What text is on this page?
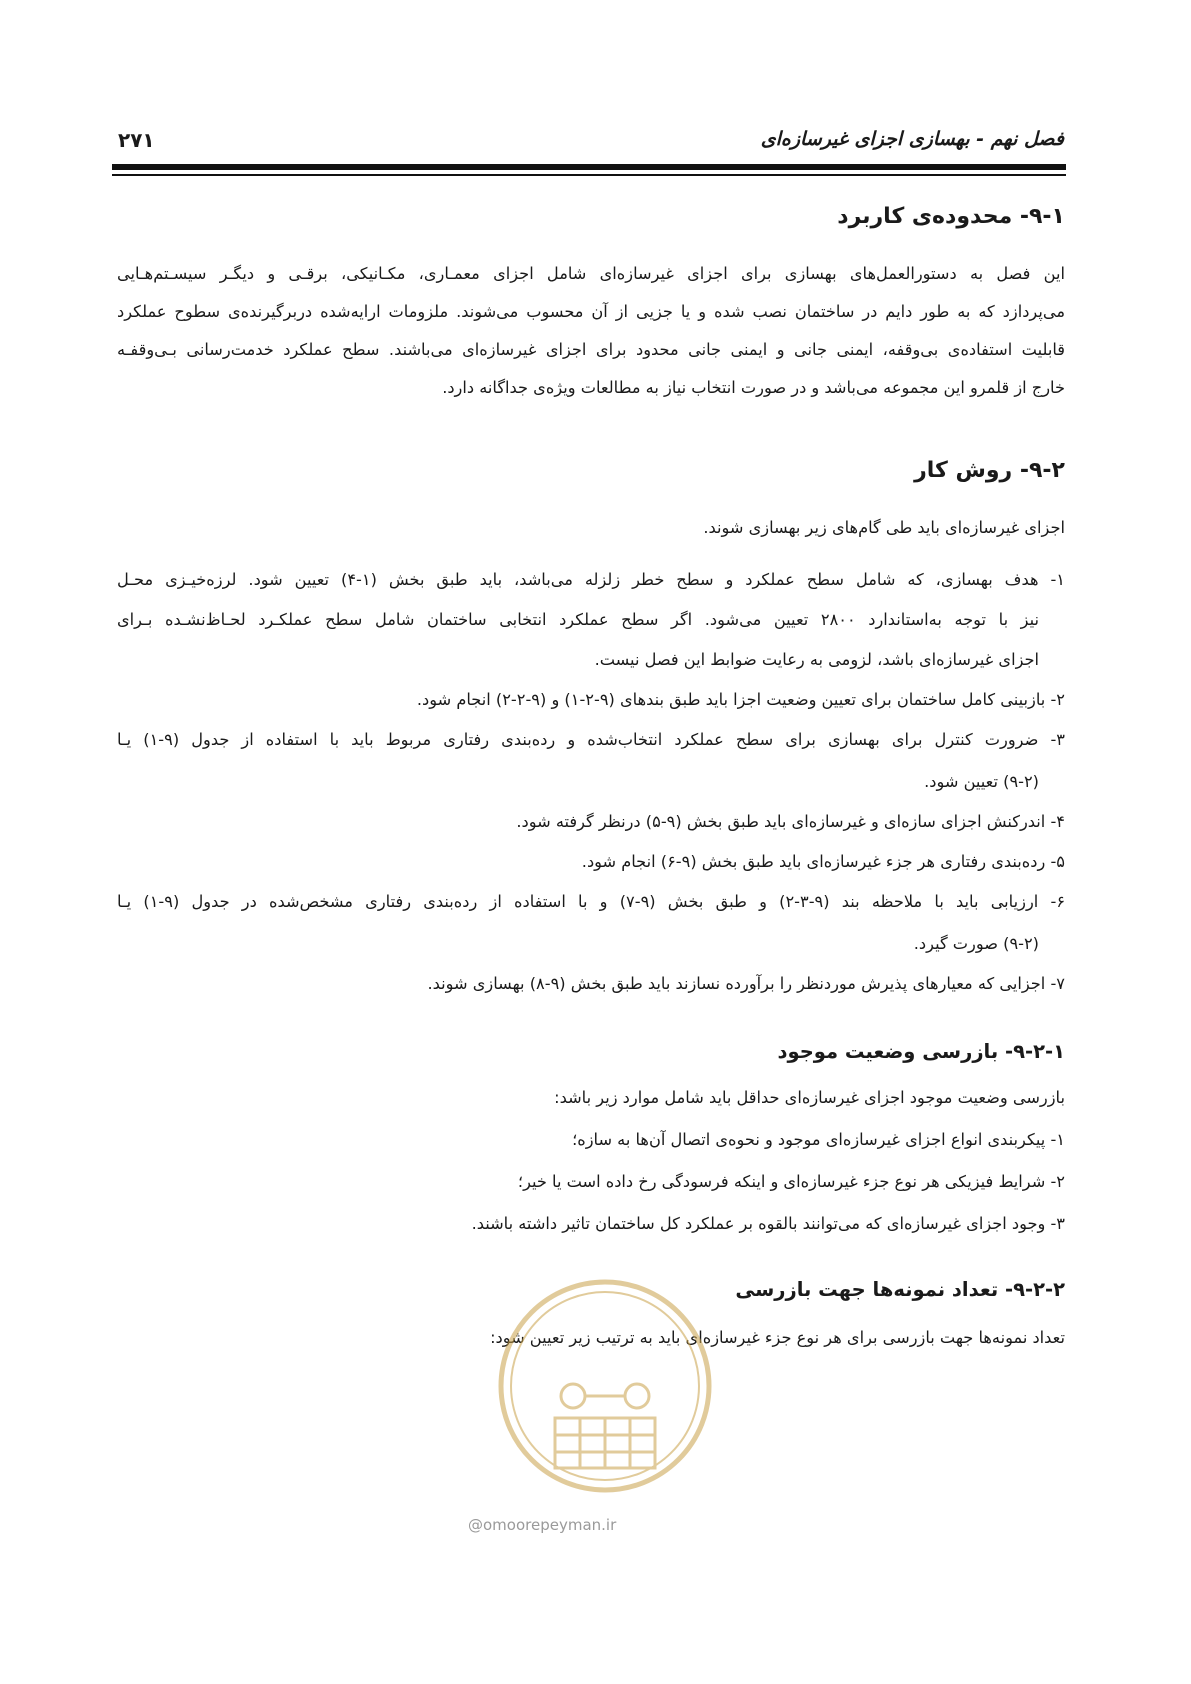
فصل نهم - بهسازی اجزای غیرسازه‌ای
۲۷۱
۹-۱- محدوده‌ی کاربرد
این فصل به دستورالعمل‌های بهسازی برای اجزای غیرسازه‌ای شامل اجزای معمـاری، مکـانیکی، برقـی و دیگـر سیسـتم‌هـایی
می‌پردازد که به طور دایم در ساختمان نصب شده و یا جزیی از آن محسوب می‌شوند. ملزومات ارایه‌شده دربرگیرنده‌ی سطوح عملکرد
قابلیت استفاده‌ی بی‌وقفه، ایمنی جانی و ایمنی جانی محدود برای اجزای غیرسازه‌ای می‌باشند. سطح عملکرد خدمت‌رسانی بـی‌وقفـه
خارج از قلمرو این مجموعه می‌باشد و در صورت انتخاب نیاز به مطالعات ویژه‌ی جداگانه دارد.
۹-۲- روش کار
اجزای غیرسازه‌ای باید طی گام‌های زیر بهسازی شوند.
۱- هدف بهسازی، که شامل سطح عملکرد و سطح خطر زلزله می‌باشد، باید طبق بخش (۱-۴) تعیین شود. لرزه‌خیـزی محـل
نیز با توجه به‌استاندارد ۲۸۰۰ تعیین می‌شود. اگر سطح عملکرد انتخابی ساختمان شامل سطح عملکـرد لحـاظ‌نشـده بـرای
اجزای غیرسازه‌ای باشد، لزومی به رعایت ضوابط این فصل نیست.
۲- بازبینی کامل ساختمان برای تعیین وضعیت اجزا باید طبق بندهای (۹-۲-۱) و (۹-۲-۲) انجام شود.
۳- ضرورت کنترل برای بهسازی برای سطح عملکرد انتخاب‌شده و رده‌بندی رفتاری مربوط باید با استفاده از جدول (۹-۱) یـا
(۹-۲) تعیین شود.
۴- اندرکنش اجزای سازه‌ای و غیرسازه‌ای باید طبق بخش (۹-۵) درنظر گرفته شود.
۵- رده‌بندی رفتاری هر جزء غیرسازه‌ای باید طبق بخش (۹-۶) انجام شود.
۶- ارزیابی باید با ملاحظه بند (۹-۳-۲) و طبق بخش (۹-۷) و با استفاده از رده‌بندی رفتاری مشخص‌شده در جدول (۹-۱) یـا
(۹-۲) صورت گیرد.
۷- اجزایی که معیارهای پذیرش موردنظر را برآورده نسازند باید طبق بخش (۹-۸) بهسازی شوند.
۹-۲-۱- بازرسی وضعیت موجود
بازرسی وضعیت موجود اجزای غیرسازه‌ای حداقل باید شامل موارد زیر باشد:
۱- پیکربندی انواع اجزای غیرسازه‌ای موجود و نحوه‌ی اتصال آن‌ها به سازه؛
۲- شرایط فیزیکی هر نوع جزء غیرسازه‌ای و اینکه فرسودگی رخ داده است یا خیر؛
۳- وجود اجزای غیرسازه‌ای که می‌توانند بالقوه بر عملکرد کل ساختمان تاثیر داشته باشند.
۹-۲-۲- تعداد نمونه‌ها جهت بازرسی
تعداد نمونه‌ها جهت بازرسی برای هر نوع جزء غیرسازه‌ای باید به ترتیب زیر تعیین شود:
@omoorepeyman.ir
